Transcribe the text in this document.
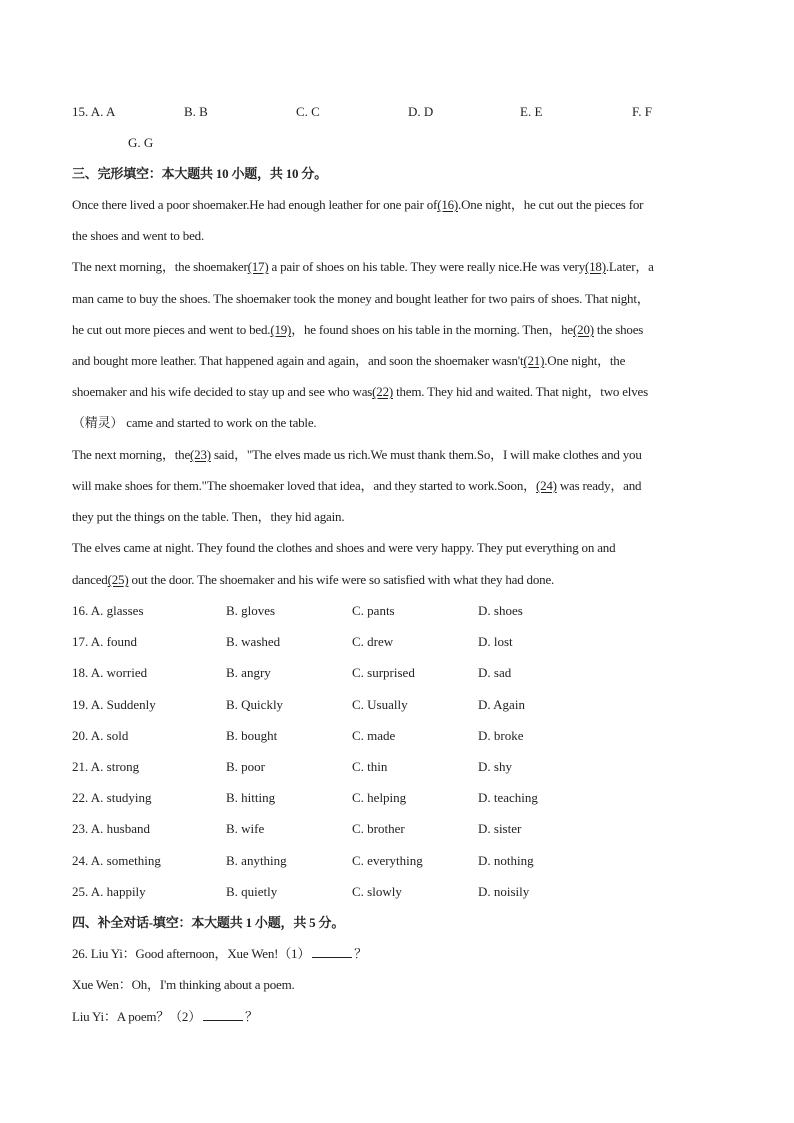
15. A. A	B. B	C. C	D. D	E. E	F. F
G. G
三、完形填空：本大题共 10 小题，共 10 分。
Once there lived a poor shoemaker.He had enough leather for one pair of(16).One night，he cut out the pieces for
the shoes and went to bed.
The next morning，the shoemaker(17) a pair of shoes on his table. They were really nice.He was very(18).Later，a
man came to buy the shoes. The shoemaker took the money and bought leather for two pairs of shoes. That night，
he cut out more pieces and went to bed.(19)，he found shoes on his table in the morning. Then，he(20) the shoes
and bought more leather. That happened again and again，and soon the shoemaker wasn't(21).One night，the
shoemaker and his wife decided to stay up and see who was(22) them. They hid and waited. That night，two elves
（精灵） came and started to work on the table.
The next morning，the(23) said，"The elves made us rich.We must thank them.So，I will make clothes and you
will make shoes for them."The shoemaker loved that idea，and they started to work.Soon，(24) was ready，and
they put the things on the table. Then，they hid again.
The elves came at night. They found the clothes and shoes and were very happy. They put everything on and
danced(25) out the door. The shoemaker and his wife were so satisfied with what they had done.
16. A. glasses	B. gloves	C. pants	D. shoes
17. A. found	B. washed	C. drew	D. lost
18. A. worried	B. angry	C. surprised	D. sad
19. A. Suddenly	B. Quickly	C. Usually	D. Again
20. A. sold	B. bought	C. made	D. broke
21. A. strong	B. poor	C. thin	D. shy
22. A. studying	B. hitting	C. helping	D. teaching
23. A. husband	B. wife	C. brother	D. sister
24. A. something	B. anything	C. everything	D. nothing
25. A. happily	B. quietly	C. slowly	D. noisily
四、补全对话-填空：本大题共 1 小题，共 5 分。
26. Liu Yi：Good afternoon，Xue Wen!（1）	？
Xue Wen：Oh，I'm thinking about a poem.
Liu Yi：A poem？（2）	？
